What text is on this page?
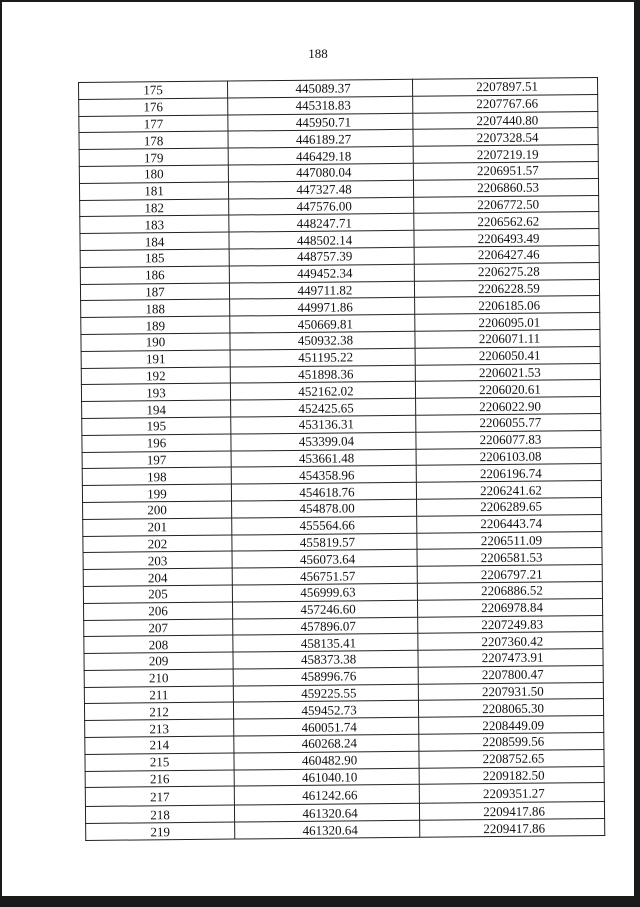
188
175	445089.37	2207897.51
176	445318.83	2207767.66
177	445950.71	2207440.80
178	446189.27	2207328.54
179	446429.18	2207219.19
180	447080.04	2206951.57
181	447327.48	2206860.53
182	447576.00	2206772.50
183	448247.71	2206562.62
184	448502.14	2206493.49
185	448757.39	2206427.46
186	449452.34	2206275.28
187	449711.82	2206228.59
188	449971.86	2206185.06
189	450669.81	2206095.01
190	450932.38	2206071.11
191	451195.22	2206050.41
192	451898.36	2206021.53
193	452162.02	2206020.61
194	452425.65	2206022.90
195	453136.31	2206055.77
196	453399.04	2206077.83
197	453661.48	2206103.08
198	454358.96	2206196.74
199	454618.76	2206241.62
200	454878.00	2206289.65
201	455564.66	2206443.74
202	455819.57	2206511.09
203	456073.64	2206581.53
204	456751.57	2206797.21
205	456999.63	2206886.52
206	457246.60	2206978.84
207	457896.07	2207249.83
208	458135.41	2207360.42
209	458373.38	2207473.91
210	458996.76	2207800.47
211	459225.55	2207931.50
212	459452.73	2208065.30
213	460051.74	2208449.09
214	460268.24	2208599.56
215	460482.90	2208752.65
216	461040.10	2209182.50
217	461242.66	2209351.27
218	461320.64	2209417.86
219	461320.64	2209417.86
